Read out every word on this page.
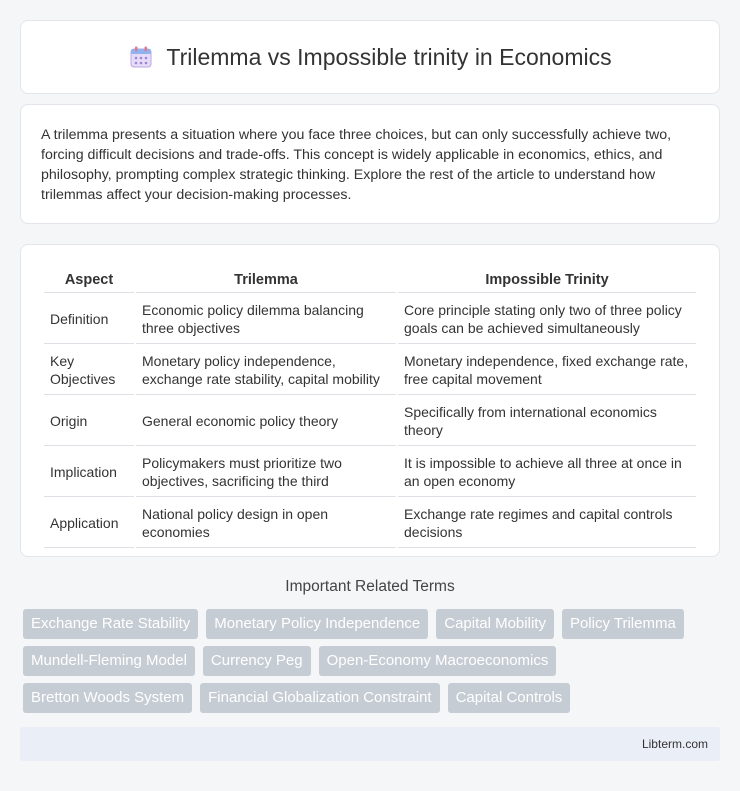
Trilemma vs Impossible trinity in Economics

A trilemma presents a situation where you face three choices, but can only successfully achieve two, forcing difficult decisions and trade-offs. This concept is widely applicable in economics, ethics, and philosophy, prompting complex strategic thinking. Explore the rest of the article to understand how trilemmas affect your decision-making processes.

Aspect	Trilemma	Impossible Trinity
Definition	Economic policy dilemma balancing three objectives	Core principle stating only two of three policy goals can be achieved simultaneously
Key Objectives	Monetary policy independence, exchange rate stability, capital mobility	Monetary independence, fixed exchange rate, free capital movement
Origin	General economic policy theory	Specifically from international economics theory
Implication	Policymakers must prioritize two objectives, sacrificing the third	It is impossible to achieve all three at once in an open economy
Application	National policy design in open economies	Exchange rate regimes and capital controls decisions
Important Related Terms
Exchange Rate Stability	Monetary Policy Independence	Capital Mobility	Policy Trilemma
Mundell-Fleming Model	Currency Peg	Open-Economy Macroeconomics
Bretton Woods System	Financial Globalization Constraint	Capital Controls
Libterm.com
